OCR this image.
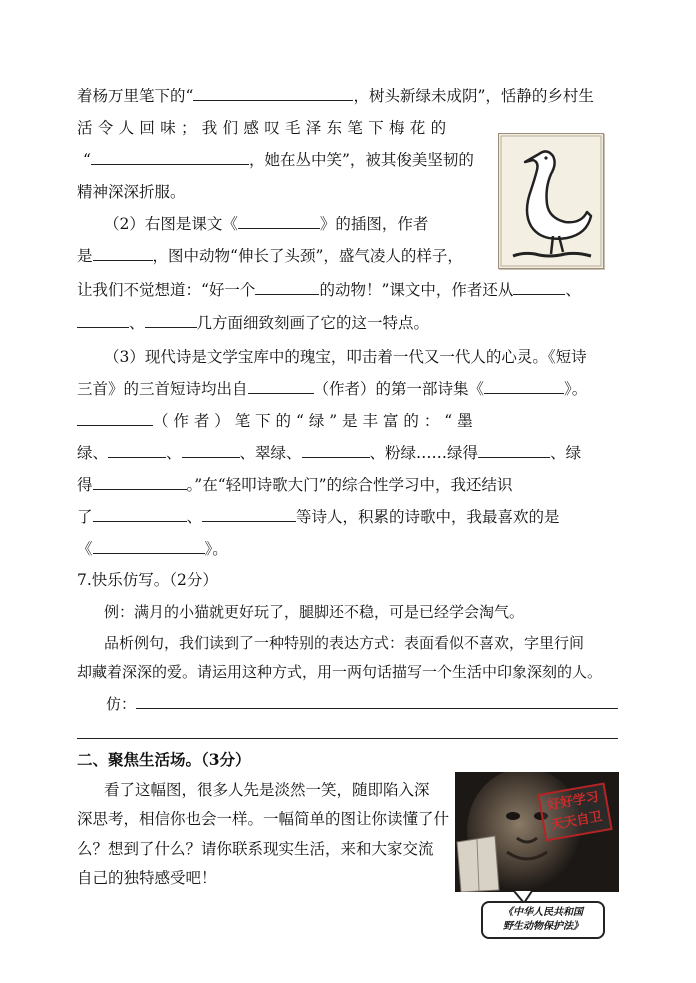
着杨万里笔下的“	，树头新绿未成阴”，恬静的乡村生
活令人回味；我们感叹毛泽东笔下梅花的
“	，她在丛中笑”，被其俊美坚韧的
精神深深折服。
（2）右图是课文《	》的插图，作者
是	，图中动物“伸长了头颈”，盛气凌人的样子，
让我们不觉想道：“好一个	的动物！”课文中，作者还从	、
、	几方面细致刻画了它的这一特点。
（3）现代诗是文学宝库中的瑰宝，叩击着一代又一代人的心灵。《短诗
三首》的三首短诗均出自	（作者）的第一部诗集《	》。
（ 作 者 ） 笔 下 的 “ 绿 ” 是 丰 富 的 ： “ 墨
绿、	、	、翠绿、	、粉绿……绿得	、绿
得	。”在“轻叩诗歌大门”的综合性学习中，我还结识
了	、	等诗人，积累的诗歌中，我最喜欢的是
《	》。
7.快乐仿写。（2分）
例：满月的小猫就更好玩了，腿脚还不稳，可是已经学会淘气。
品析例句，我们读到了一种特别的表达方式：表面看似不喜欢，字里行间
却藏着深深的爱。请运用这种方式，用一两句话描写一个生活中印象深刻的人。
仿：
二、聚焦生活场。（3分）
看了这幅图，很多人先是淡然一笑，随即陷入深
深思考，相信你也会一样。一幅简单的图让你读懂了什
么？想到了什么？请你联系现实生活，来和大家交流
自己的独特感受吧！
好好学习
天天自卫
《中华人民共和国
野生动物保护法》
